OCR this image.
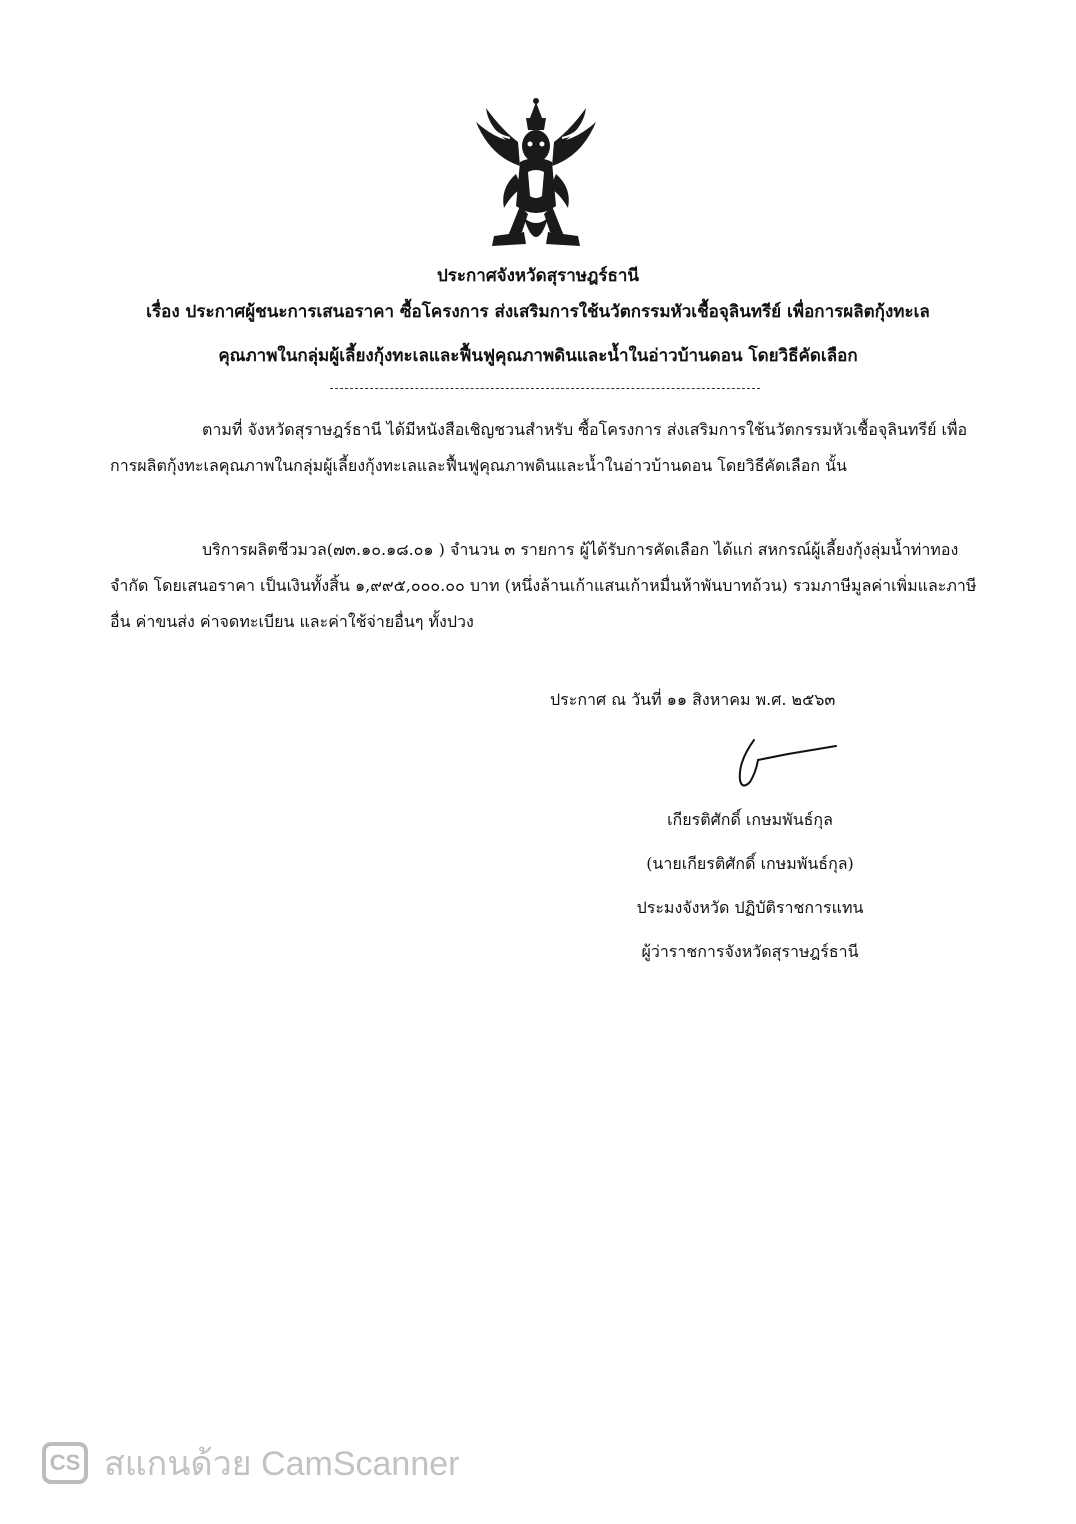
ประกาศจังหวัดสุราษฎร์ธานี
เรื่อง ประกาศผู้ชนะการเสนอราคา ซื้อโครงการ ส่งเสริมการใช้นวัตกรรมหัวเชื้อจุลินทรีย์ เพื่อการผลิตกุ้งทะเล
คุณภาพในกลุ่มผู้เลี้ยงกุ้งทะเลและฟื้นฟูคุณภาพดินและน้ำในอ่าวบ้านดอน โดยวิธีคัดเลือก
ตามที่ จังหวัดสุราษฎร์ธานี ได้มีหนังสือเชิญชวนสำหรับ ซื้อโครงการ ส่งเสริมการใช้นวัตกรรมหัวเชื้อจุลินทรีย์ เพื่อการผลิตกุ้งทะเลคุณภาพในกลุ่มผู้เลี้ยงกุ้งทะเลและฟื้นฟูคุณภาพดินและน้ำในอ่าวบ้านดอน โดยวิธีคัดเลือก นั้น
บริการผลิตชีวมวล(๗๓.๑๐.๑๘.๐๑ ) จำนวน ๓ รายการ ผู้ได้รับการคัดเลือก ได้แก่ สหกรณ์ผู้เลี้ยงกุ้งลุ่มน้ำท่าทอง จำกัด โดยเสนอราคา เป็นเงินทั้งสิ้น ๑,๙๙๕,๐๐๐.๐๐ บาท (หนึ่งล้านเก้าแสนเก้าหมื่นห้าพันบาทถ้วน) รวมภาษีมูลค่าเพิ่มและภาษีอื่น ค่าขนส่ง ค่าจดทะเบียน และค่าใช้จ่ายอื่นๆ ทั้งปวง
ประกาศ ณ วันที่ ๑๑ สิงหาคม พ.ศ. ๒๕๖๓
เกียรติศักดิ์ เกษมพันธ์กุล
(นายเกียรติศักดิ์ เกษมพันธ์กุล)
ประมงจังหวัด ปฏิบัติราชการแทน
ผู้ว่าราชการจังหวัดสุราษฎร์ธานี
CS สแกนด้วย CamScanner
